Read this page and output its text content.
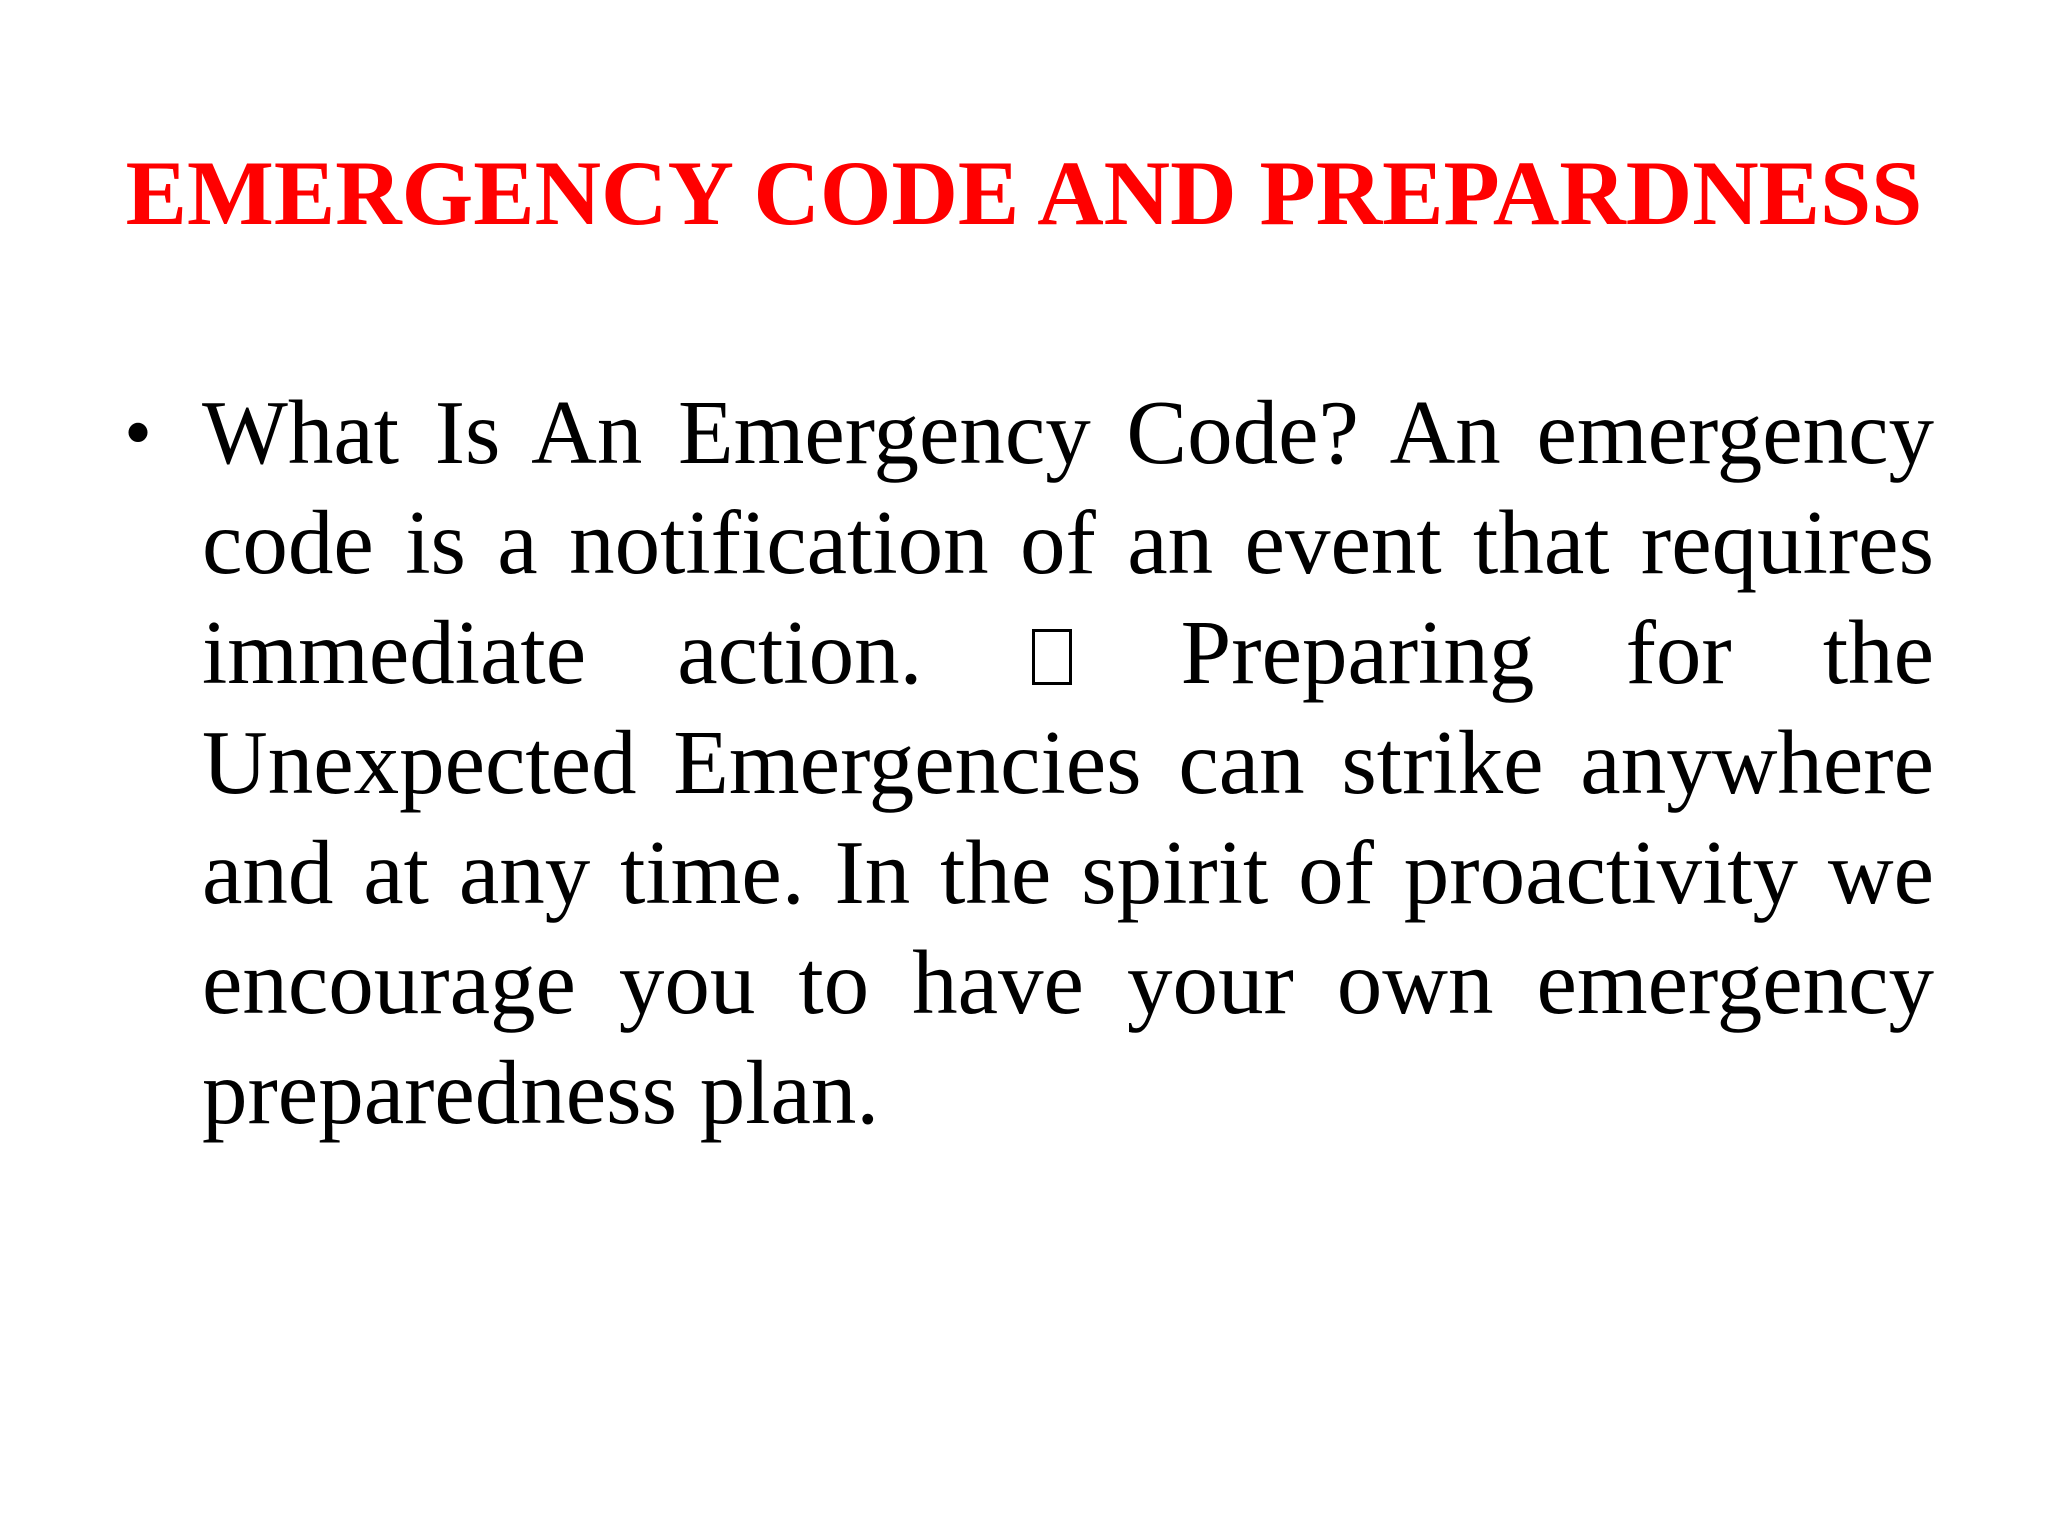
EMERGENCY CODE AND PREPARDNESS
• What Is An Emergency Code? An emergency code is a notification of an event that requires immediate action.	Preparing for the Unexpected Emergencies can strike anywhere and at any time. In the spirit of proactivity we encourage you to have your own emergency preparedness plan.
